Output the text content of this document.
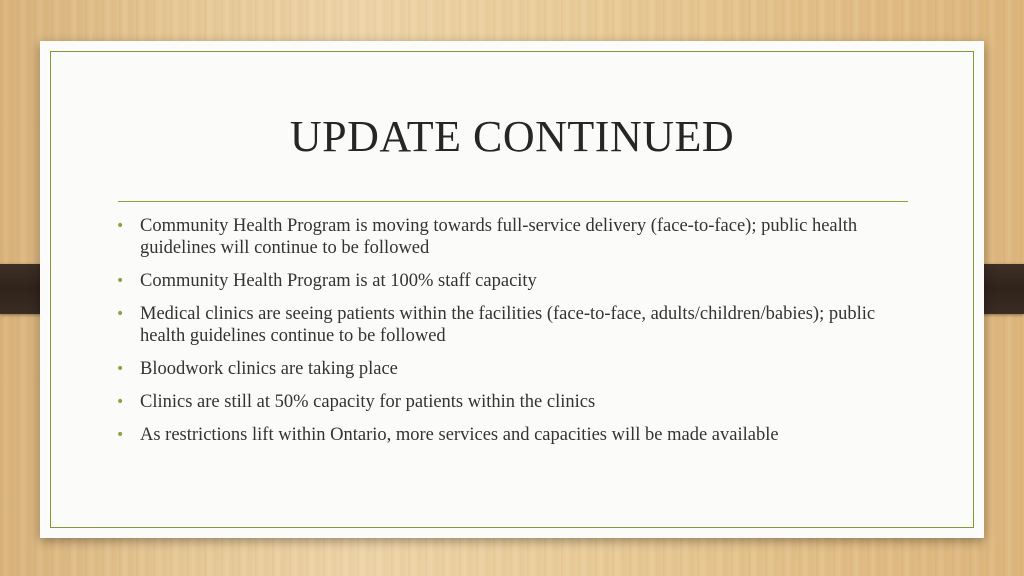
UPDATE CONTINUED
• Community Health Program is moving towards full-service delivery (face-to-face); public health guidelines will continue to be followed
• Community Health Program is at 100% staff capacity
• Medical clinics are seeing patients within the facilities (face-to-face, adults/children/babies); public health guidelines continue to be followed
• Bloodwork clinics are taking place
• Clinics are still at 50% capacity for patients within the clinics
• As restrictions lift within Ontario, more services and capacities will be made available
